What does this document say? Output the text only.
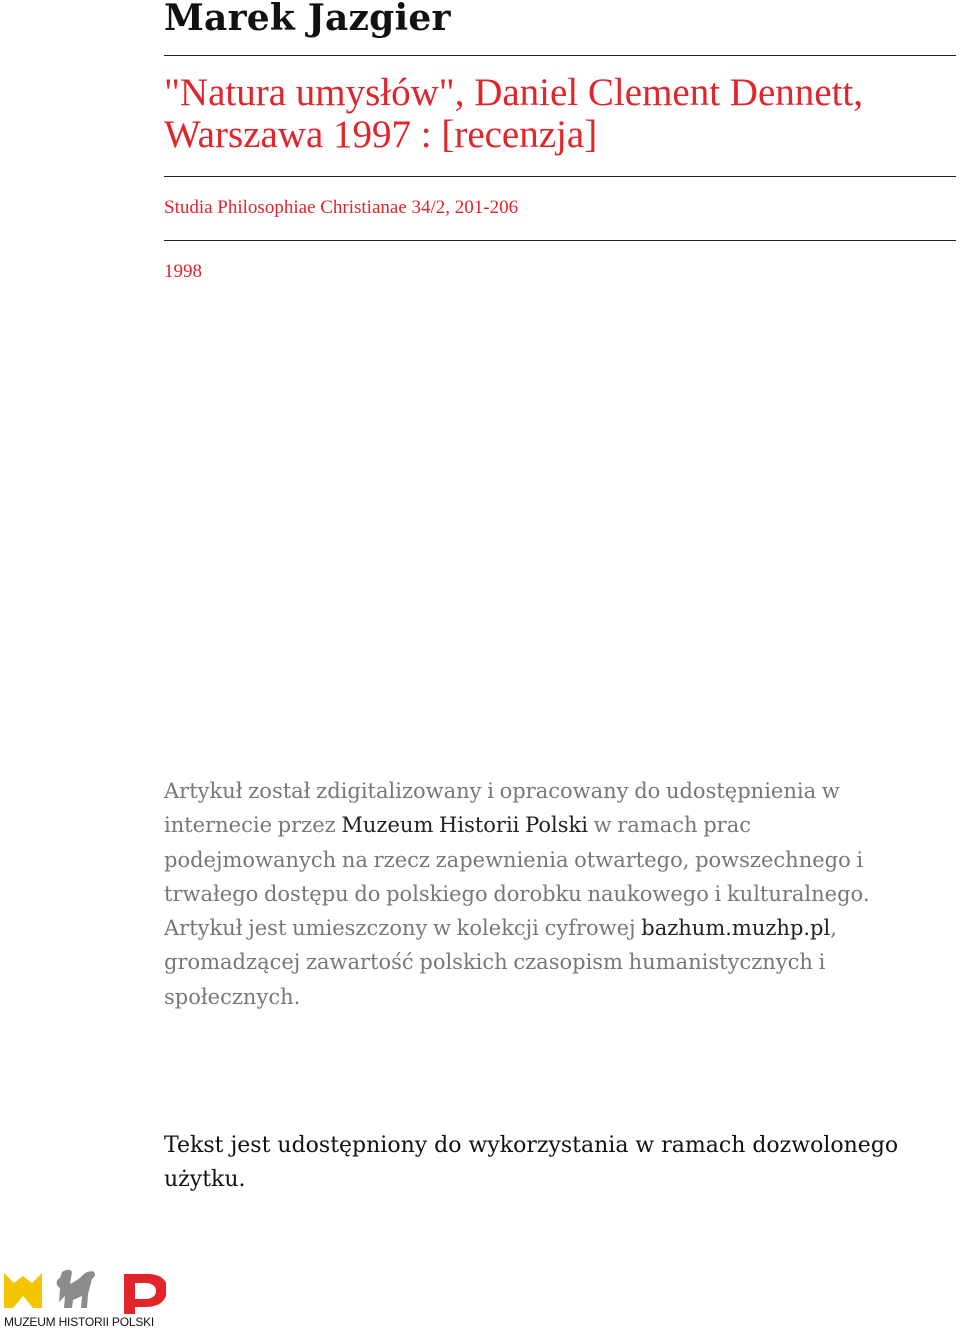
Marek Jazgier
"Natura umysłów", Daniel Clement Dennett, Warszawa 1997 : [recenzja]

Studia Philosophiae Christianae 34/2, 201-206

1998

Artykuł został zdigitalizowany i opracowany do udostępnienia w internecie przez Muzeum Historii Polski w ramach prac podejmowanych na rzecz zapewnienia otwartego, powszechnego i trwałego dostępu do polskiego dorobku naukowego i kulturalnego. Artykuł jest umieszczony w kolekcji cyfrowej bazhum.muzhp.pl, gromadzącej zawartość polskich czasopism humanistycznych i społecznych.

Tekst jest udostępniony do wykorzystania w ramach dozwolonego użytku.

MUZEUM HISTORII POLSKI
